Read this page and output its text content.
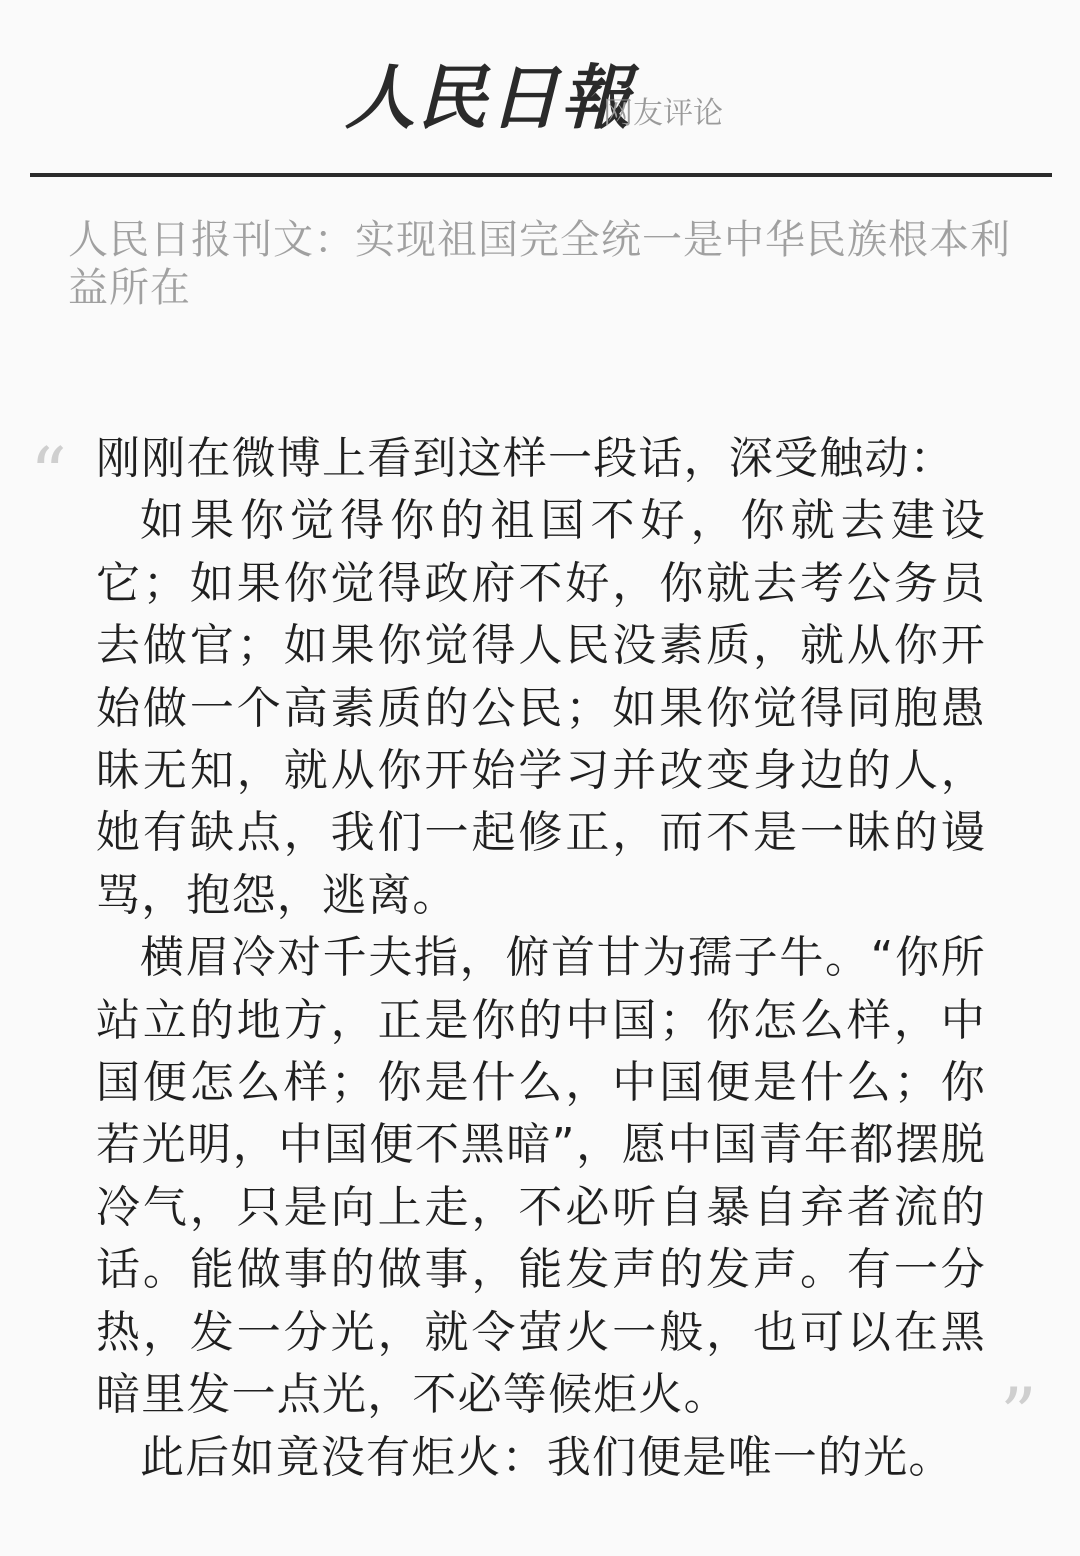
人民日報
网友评论
人民日报刊文：实现祖国完全统一是中华民族根本利益所在
“ 刚刚在微博上看到这样一段话，深受触动：

如果你觉得你的祖国不好，你就去建设它；如果你觉得政府不好，你就去考公务员去做官；如果你觉得人民没素质，就从你开始做一个高素质的公民；如果你觉得同胞愚昧无知，就从你开始学习并改变身边的人，她有缺点，我们一起修正，而不是一昧的谩骂，抱怨，逃离。

横眉冷对千夫指，俯首甘为孺子牛。“你所站立的地方，正是你的中国；你怎么样，中国便怎么样；你是什么，中国便是什么；你若光明，中国便不黑暗”，愿中国青年都摆脱冷气，只是向上走，不必听自暴自弃者流的话。能做事的做事，能发声的发声。有一分热，发一分光，就令萤火一般，也可以在黑暗里发一点光，不必等候炬火。

此后如竟没有炬火：我们便是唯一的光。

”
